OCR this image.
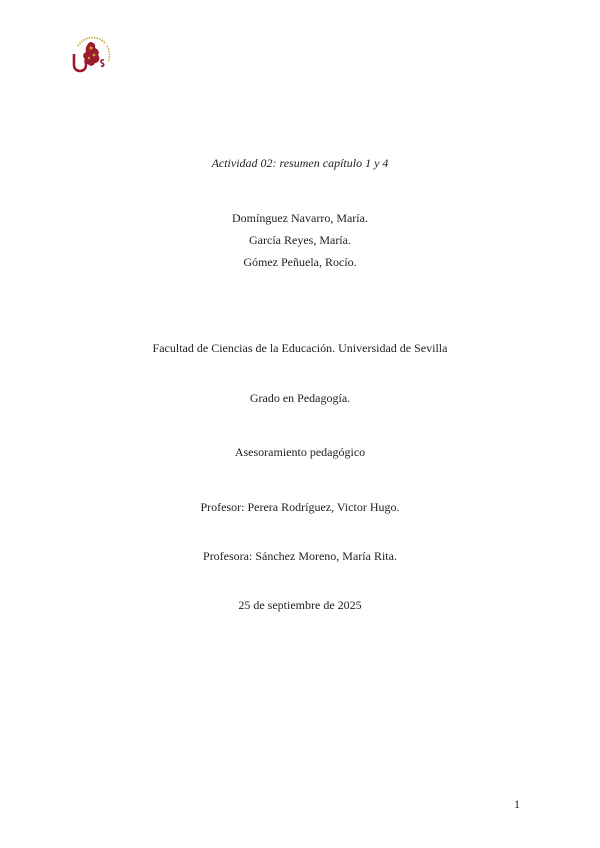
Actividad 02: resumen capítulo 1 y 4
Domínguez Navarro, María.
García Reyes, María.
Gómez Peñuela, Rocío.
Facultad de Ciencias de la Educación. Universidad de Sevilla
Grado en Pedagogía.
Asesoramiento pedagógico
Profesor: Perera Rodríguez, Victor Hugo.
Profesora: Sánchez Moreno, María Rita.
25 de septiembre de 2025
1
